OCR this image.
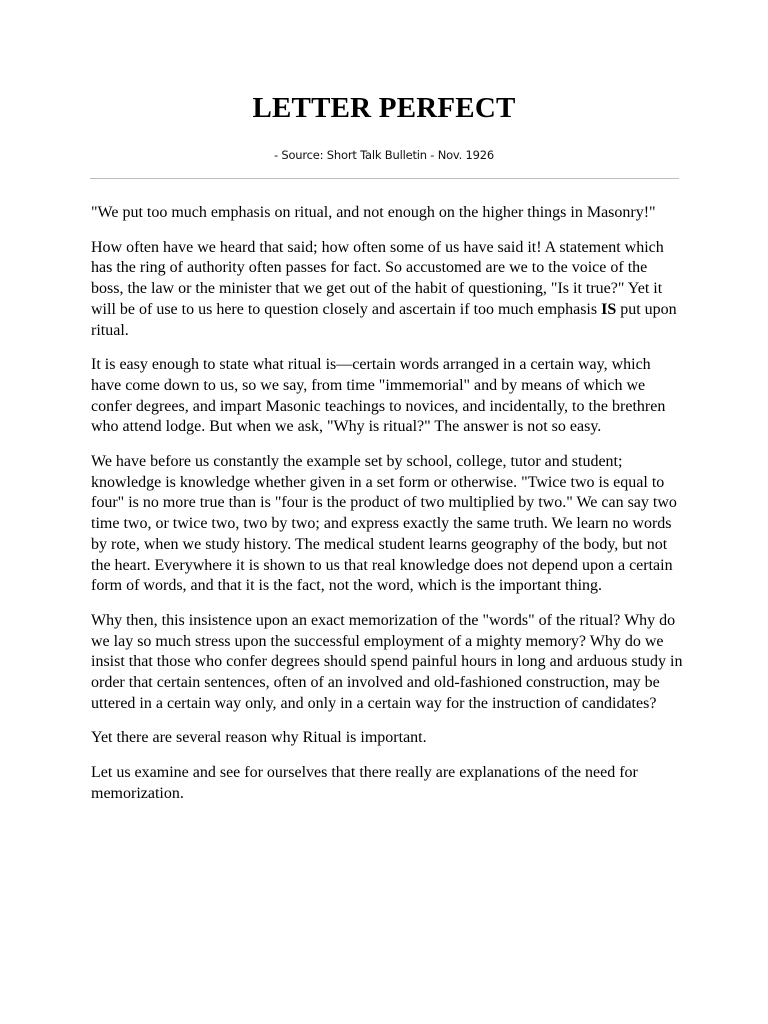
LETTER PERFECT
- Source: Short Talk Bulletin - Nov. 1926

"We put too much emphasis on ritual, and not enough on the higher things in Masonry!"

How often have we heard that said; how often some of us have said it! A statement which has the ring of authority often passes for fact. So accustomed are we to the voice of the boss, the law or the minister that we get out of the habit of questioning, "Is it true?" Yet it will be of use to us here to question closely and ascertain if too much emphasis IS put upon ritual.

It is easy enough to state what ritual is—certain words arranged in a certain way, which have come down to us, so we say, from time "immemorial" and by means of which we confer degrees, and impart Masonic teachings to novices, and incidentally, to the brethren who attend lodge. But when we ask, "Why is ritual?" The answer is not so easy.

We have before us constantly the example set by school, college, tutor and student; knowledge is knowledge whether given in a set form or otherwise. "Twice two is equal to four" is no more true than is "four is the product of two multiplied by two." We can say two time two, or twice two, two by two; and express exactly the same truth. We learn no words by rote, when we study history. The medical student learns geography of the body, but not the heart. Everywhere it is shown to us that real knowledge does not depend upon a certain form of words, and that it is the fact, not the word, which is the important thing.

Why then, this insistence upon an exact memorization of the "words" of the ritual? Why do we lay so much stress upon the successful employment of a mighty memory? Why do we insist that those who confer degrees should spend painful hours in long and arduous study in order that certain sentences, often of an involved and old-fashioned construction, may be uttered in a certain way only, and only in a certain way for the instruction of candidates?

Yet there are several reason why Ritual is important.

Let us examine and see for ourselves that there really are explanations of the need for memorization.
